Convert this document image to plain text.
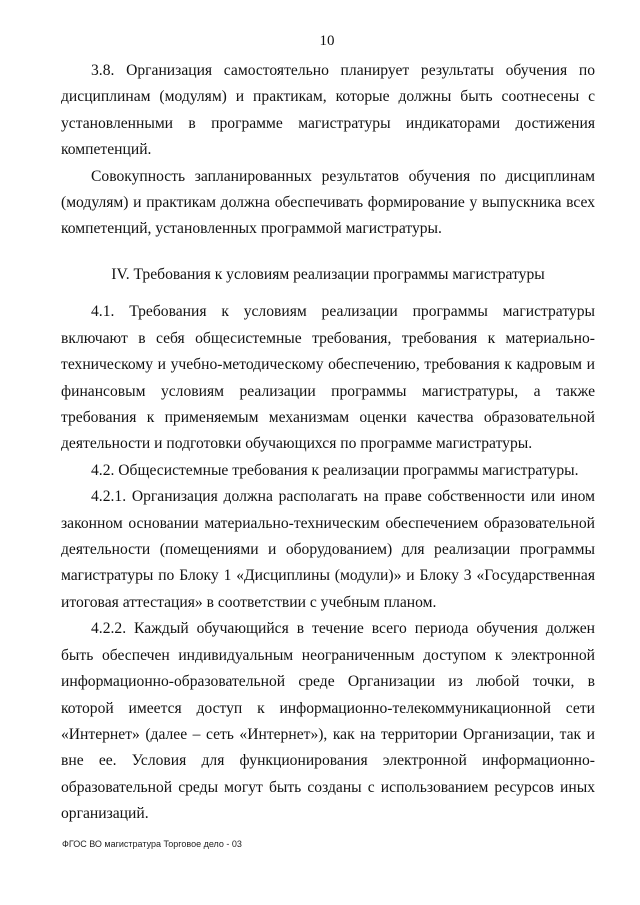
10

3.8. Организация самостоятельно планирует результаты обучения по дисциплинам (модулям) и практикам, которые должны быть соотнесены с установленными в программе магистратуры индикаторами достижения компетенций.

Совокупность запланированных результатов обучения по дисциплинам (модулям) и практикам должна обеспечивать формирование у выпускника всех компетенций, установленных программой магистратуры.

IV. Требования к условиям реализации программы магистратуры

4.1. Требования к условиям реализации программы магистратуры включают в себя общесистемные требования, требования к материально-техническому и учебно-методическому обеспечению, требования к кадровым и финансовым условиям реализации программы магистратуры, а также требования к применяемым механизмам оценки качества образовательной деятельности и подготовки обучающихся по программе магистратуры.

4.2. Общесистемные требования к реализации программы магистратуры.

4.2.1. Организация должна располагать на праве собственности или ином законном основании материально-техническим обеспечением образовательной деятельности (помещениями и оборудованием) для реализации программы магистратуры по Блоку 1 «Дисциплины (модули)» и Блоку 3 «Государственная итоговая аттестация» в соответствии с учебным планом.

4.2.2. Каждый обучающийся в течение всего периода обучения должен быть обеспечен индивидуальным неограниченным доступом к электронной информационно-образовательной среде Организации из любой точки, в которой имеется доступ к информационно-телекоммуникационной сети «Интернет» (далее – сеть «Интернет»), как на территории Организации, так и вне ее. Условия для функционирования электронной информационно-образовательной среды могут быть созданы с использованием ресурсов иных организаций.

ФГОС ВО магистратура Торговое дело - 03
